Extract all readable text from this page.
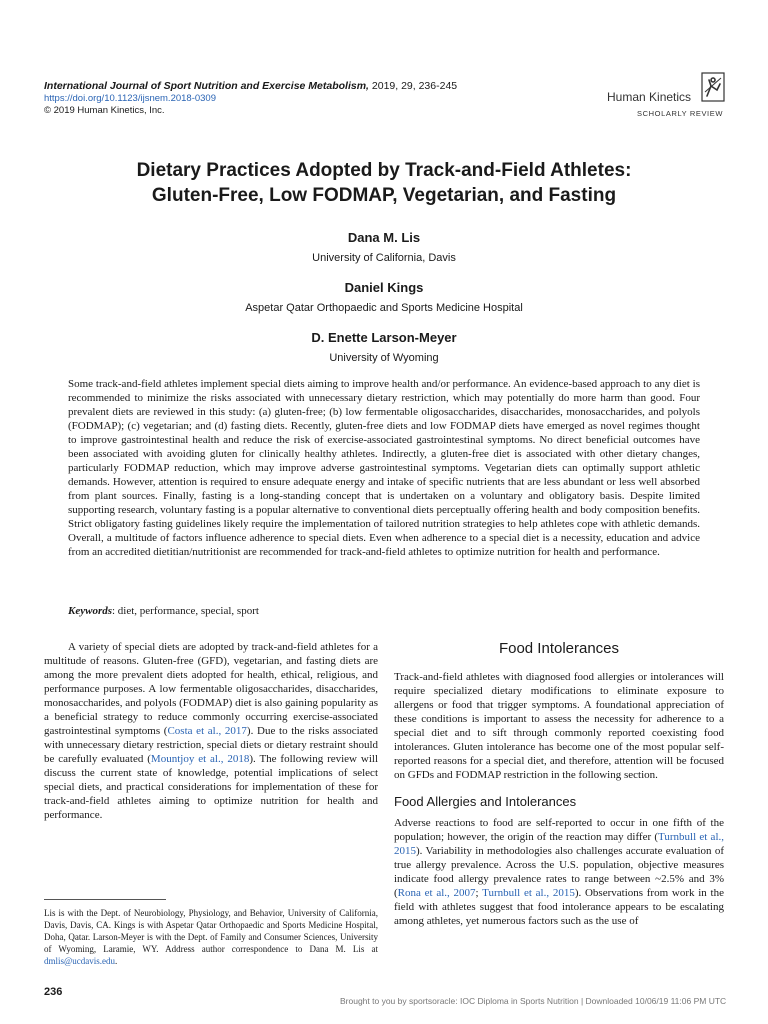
International Journal of Sport Nutrition and Exercise Metabolism, 2019, 29, 236-245
https://doi.org/10.1123/ijsnem.2018-0309
© 2019 Human Kinetics, Inc.
Human Kinetics
SCHOLARLY REVIEW
Dietary Practices Adopted by Track-and-Field Athletes:
Gluten-Free, Low FODMAP, Vegetarian, and Fasting
Dana M. Lis
University of California, Davis
Daniel Kings
Aspetar Qatar Orthopaedic and Sports Medicine Hospital
D. Enette Larson-Meyer
University of Wyoming
Some track-and-field athletes implement special diets aiming to improve health and/or performance. An evidence-based approach to any diet is recommended to minimize the risks associated with unnecessary dietary restriction, which may potentially do more harm than good. Four prevalent diets are reviewed in this study: (a) gluten-free; (b) low fermentable oligosaccharides, disaccharides, monosaccharides, and polyols (FODMAP); (c) vegetarian; and (d) fasting diets. Recently, gluten-free diets and low FODMAP diets have emerged as novel regimes thought to improve gastrointestinal health and reduce the risk of exercise-associated gastrointestinal symptoms. No direct beneficial outcomes have been associated with avoiding gluten for clinically healthy athletes. Indirectly, a gluten-free diet is associated with other dietary changes, particularly FODMAP reduction, which may improve adverse gastrointestinal symptoms. Vegetarian diets can optimally support athletic demands. However, attention is required to ensure adequate energy and intake of specific nutrients that are less abundant or less well absorbed from plant sources. Finally, fasting is a long-standing concept that is undertaken on a voluntary and obligatory basis. Despite limited supporting research, voluntary fasting is a popular alternative to conventional diets perceptually offering health and body composition benefits. Strict obligatory fasting guidelines likely require the implementation of tailored nutrition strategies to help athletes cope with athletic demands. Overall, a multitude of factors influence adherence to special diets. Even when adherence to a special diet is a necessity, education and advice from an accredited dietitian/nutritionist are recommended for track-and-field athletes to optimize nutrition for health and performance.
Keywords: diet, performance, special, sport

A variety of special diets are adopted by track-and-field athletes for a multitude of reasons. Gluten-free (GFD), vegetarian, and fasting diets are among the more prevalent diets adopted for health, ethical, religious, and performance purposes. A low fermentable oligosaccharides, disaccharides, monosaccharides, and polyols (FODMAP) diet is also gaining popularity as a beneficial strategy to reduce commonly occurring exercise-associated gastrointestinal symptoms (Costa et al., 2017). Due to the risks associated with unnecessary dietary restriction, special diets or dietary restraint should be carefully evaluated (Mountjoy et al., 2018). The following review will discuss the current state of knowledge, potential implications of select special diets, and practical considerations for implementation of these for track-and-field athletes aiming to optimize nutrition for health and performance.

Lis is with the Dept. of Neurobiology, Physiology, and Behavior, University of California, Davis, Davis, CA. Kings is with Aspetar Qatar Orthopaedic and Sports Medicine Hospital, Doha, Qatar. Larson-Meyer is with the Dept. of Family and Consumer Sciences, University of Wyoming, Laramie, WY. Address author correspondence to Dana M. Lis at dmlis@ucdavis.edu.
236
Brought to you by sportsoracle: IOC Diploma in Sports Nutrition | Downloaded 10/06/19 11:06 PM UTC
Food Intolerances

Track-and-field athletes with diagnosed food allergies or intolerances will require specialized dietary modifications to eliminate exposure to allergens or food that trigger symptoms. A foundational appreciation of these conditions is important to assess the necessity for adherence to a special diet and to sift through commonly reported coexisting food intolerances. Gluten intolerance has become one of the most popular self-reported reasons for a special diet, and therefore, attention will be focused on GFDs and FODMAP restriction in the following section.

Food Allergies and Intolerances

Adverse reactions to food are self-reported to occur in one fifth of the population; however, the origin of the reaction may differ (Turnbull et al., 2015). Variability in methodologies also challenges accurate evaluation of true allergy prevalence. Across the U.S. population, objective measures indicate food allergy prevalence rates to range between ~2.5% and 3% (Rona et al., 2007; Turnbull et al., 2015). Observations from work in the field with athletes suggest that food intolerance appears to be escalating among athletes, yet numerous factors such as the use of
